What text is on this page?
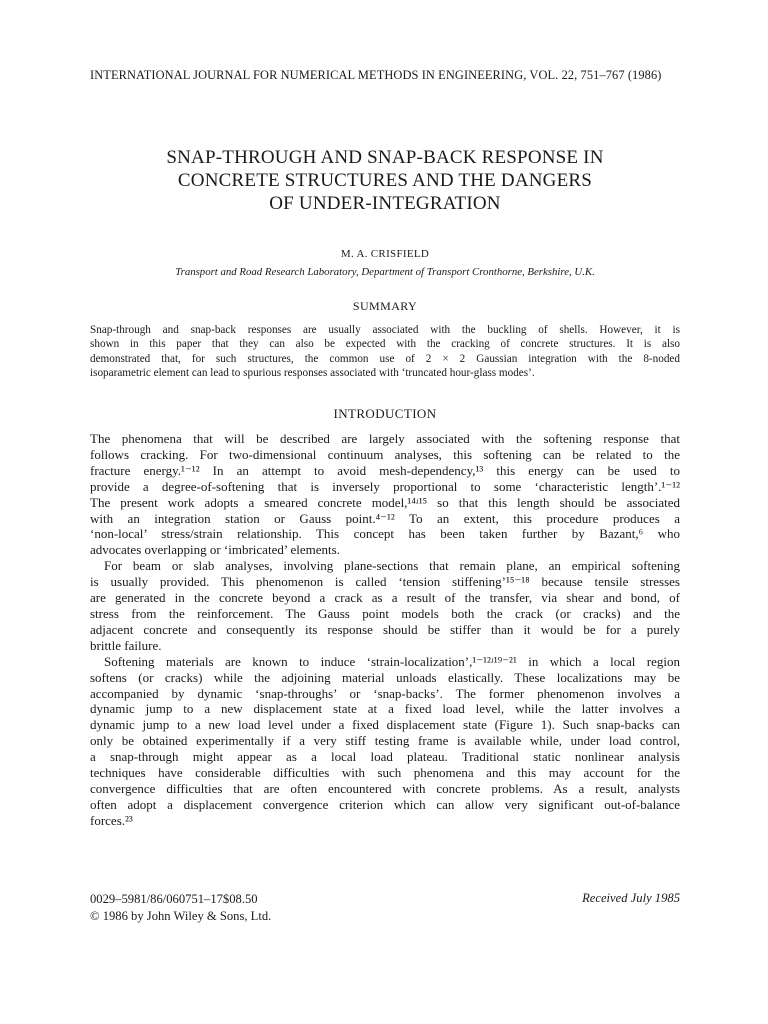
INTERNATIONAL JOURNAL FOR NUMERICAL METHODS IN ENGINEERING, VOL. 22, 751–767 (1986)
SNAP-THROUGH AND SNAP-BACK RESPONSE IN
CONCRETE STRUCTURES AND THE DANGERS
OF UNDER-INTEGRATION
M. A. CRISFIELD
Transport and Road Research Laboratory, Department of Transport Cronthorne, Berkshire, U.K.
SUMMARY
Snap-through and snap-back responses are usually associated with the buckling of shells. However, it is
shown in this paper that they can also be expected with the cracking of concrete structures. It is also
demonstrated that, for such structures, the common use of 2 × 2 Gaussian integration with the 8-noded
isoparametric element can lead to spurious responses associated with ‘truncated hour-glass modes’.
INTRODUCTION
The phenomena that will be described are largely associated with the softening response that
follows cracking. For two-dimensional continuum analyses, this softening can be related to the
fracture energy.¹⁻¹² In an attempt to avoid mesh-dependency,¹³ this energy can be used to
provide a degree-of-softening that is inversely proportional to some ‘characteristic length’.¹⁻¹²
The present work adopts a smeared concrete model,¹⁴ʴ¹⁵ so that this length should be associated
with an integration station or Gauss point.⁴⁻¹² To an extent, this procedure produces a
‘non-local’ stress/strain relationship. This concept has been taken further by Bazant,⁶ who
advocates overlapping or ‘imbricated’ elements.
For beam or slab analyses, involving plane-sections that remain plane, an empirical softening
is usually provided. This phenomenon is called ‘tension stiffening’¹⁵⁻¹⁸ because tensile stresses
are generated in the concrete beyond a crack as a result of the transfer, via shear and bond, of
stress from the reinforcement. The Gauss point models both the crack (or cracks) and the
adjacent concrete and consequently its response should be stiffer than it would be for a purely
brittle failure.
Softening materials are known to induce ‘strain-localization’,¹⁻¹²ʴ¹⁹⁻²¹ in which a local region
softens (or cracks) while the adjoining material unloads elastically. These localizations may be
accompanied by dynamic ‘snap-throughs’ or ‘snap-backs’. The former phenomenon involves a
dynamic jump to a new displacement state at a fixed load level, while the latter involves a
dynamic jump to a new load level under a fixed displacement state (Figure 1). Such snap-backs can
only be obtained experimentally if a very stiff testing frame is available while, under load control,
a snap-through might appear as a local load plateau. Traditional static nonlinear analysis
techniques have considerable difficulties with such phenomena and this may account for the
convergence difficulties that are often encountered with concrete problems. As a result, analysts
often adopt a displacement convergence criterion which can allow very significant out-of-balance
forces.²³
0029–5981/86/060751–17$08.50
© 1986 by John Wiley & Sons, Ltd.
Received July 1985
